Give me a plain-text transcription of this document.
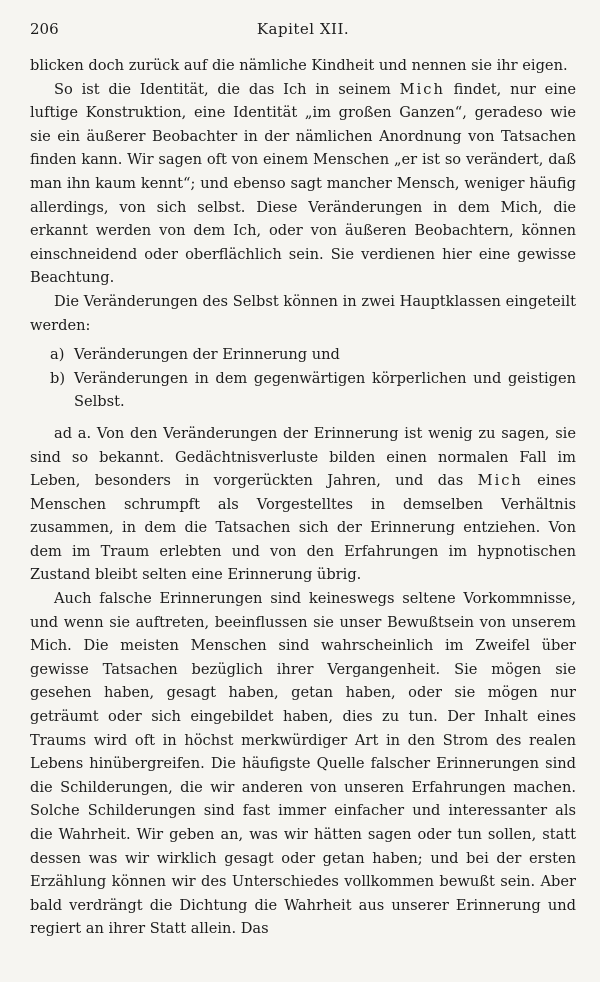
206	Kapitel XII.

blicken doch zurück auf die nämliche Kindheit und nennen sie ihr eigen.

So ist die Identität, die das Ich in seinem Mich findet, nur eine luftige Konstruktion, eine Identität „im großen Ganzen“, geradeso wie sie ein äußerer Beobachter in der nämlichen Anordnung von Tatsachen finden kann. Wir sagen oft von einem Menschen „er ist so verändert, daß man ihn kaum kennt“; und ebenso sagt mancher Mensch, weniger häufig allerdings, von sich selbst. Diese Veränderungen in dem Mich, die erkannt werden von dem Ich, oder von äußeren Beobachtern, können einschneidend oder oberflächlich sein. Sie verdienen hier eine gewisse Beachtung.

Die Veränderungen des Selbst können in zwei Hauptklassen eingeteilt werden:

a) Veränderungen der Erinnerung und
b) Veränderungen in dem gegenwärtigen körperlichen und geistigen Selbst.

ad a. Von den Veränderungen der Erinnerung ist wenig zu sagen, sie sind so bekannt. Gedächtnisverluste bilden einen normalen Fall im Leben, besonders in vorgerückten Jahren, und das Mich eines Menschen schrumpft als Vorgestelltes in demselben Verhältnis zusammen, in dem die Tatsachen sich der Erinnerung entziehen. Von dem im Traum erlebten und von den Erfahrungen im hypnotischen Zustand bleibt selten eine Erinnerung übrig.

Auch falsche Erinnerungen sind keineswegs seltene Vorkommnisse, und wenn sie auftreten, beeinflussen sie unser Bewußtsein von unserem Mich. Die meisten Menschen sind wahrscheinlich im Zweifel über gewisse Tatsachen bezüglich ihrer Vergangenheit. Sie mögen sie gesehen haben, gesagt haben, getan haben, oder sie mögen nur geträumt oder sich eingebildet haben, dies zu tun. Der Inhalt eines Traums wird oft in höchst merkwürdiger Art in den Strom des realen Lebens hinübergreifen. Die häufigste Quelle falscher Erinnerungen sind die Schilderungen, die wir anderen von unseren Erfahrungen machen. Solche Schilderungen sind fast immer einfacher und interessanter als die Wahrheit. Wir geben an, was wir hätten sagen oder tun sollen, statt dessen was wir wirklich gesagt oder getan haben; und bei der ersten Erzählung können wir des Unterschiedes vollkommen bewußt sein. Aber bald verdrängt die Dichtung die Wahrheit aus unserer Erinnerung und regiert an ihrer Statt allein. Das
